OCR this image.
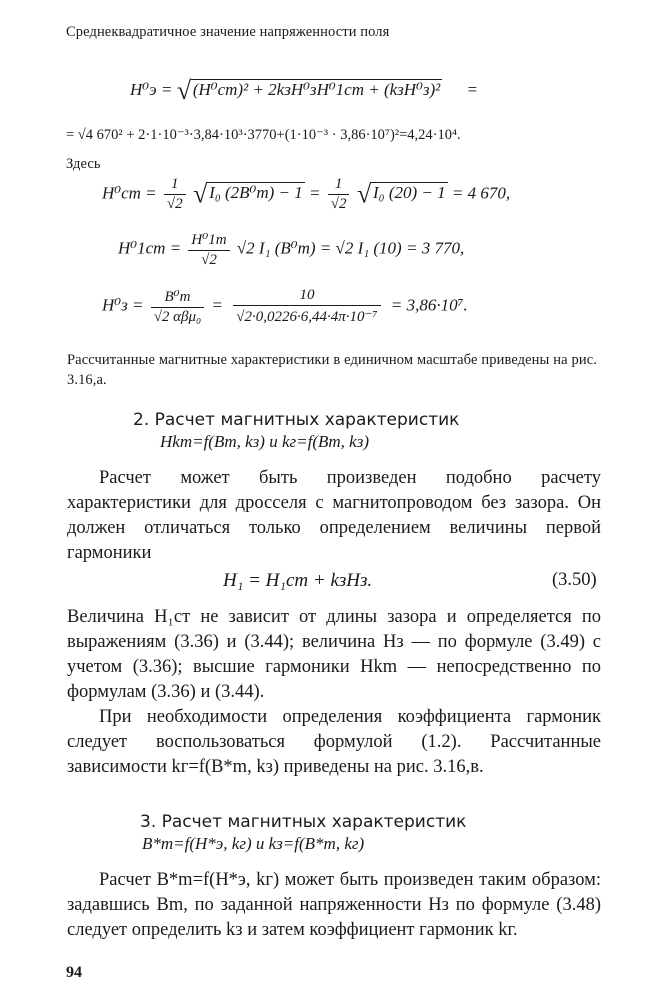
Среднеквадратичное значение напряженности поля
H⁰э = √ (H⁰ст)² + 2kзH⁰зH⁰1ст + (kзH⁰з)² =
= √4 670² + 2·1·10⁻³·3,84·10³·3770+(1·10⁻³ · 3,86·10⁷)²=4,24·10⁴.
Здесь
$H^0ст = \frac{1}{√2}$ √ I₀ $(2B^0m) - 1 = \frac{1}{√2}$ √ I₀ (20) − 1 = 4 670,
$H^01ст = \frac{\text{H⁰1m}}{√2} √2$ I₁ (B⁰m) = √2 I₁ (10) = 3 770,
$H^0з = \frac{\text{B⁰m}}{\text{√2 αβμ₀}} = \frac{10}{\text{√2·0,0226·6,44·4π·10⁻⁷}} = 3,86\cdot 10^7$.
Рассчитанные магнитные характеристики в единичном масштабе приведены на рис. 3.16,а.
2. Расчет магнитных характеристик
Hkm=f(Bm, kз) и kг=f(Bm, kз)
Расчет может быть произведен подобно расчету характеристики для дросселя с магнитопроводом без зазора. Он должен отличаться только определением величины первой гармоники
H₁ = H₁ст + kзHз.	(3.50)
Величина H₁ст не зависит от длины зазора и определяется по выражениям (3.36) и (3.44); величина Hз — по формуле (3.49) с учетом (3.36); высшие гармоники Hkm — непосредственно по формулам (3.36) и (3.44).
При необходимости определения коэффициента гармоник следует воспользоваться формулой (1.2). Рассчитанные зависимости kг=f(B*m, kз) приведены на рис. 3.16,в.
3. Расчет магнитных характеристик
B*m=f(H*э, kг) и kз=f(B*m, kг)
Расчет B*m=f(H*э, kг) может быть произведен таким образом: задавшись Bm, по заданной напряженности Hз по формуле (3.48) следует определить kз и затем коэффициент гармоник kг.
94
